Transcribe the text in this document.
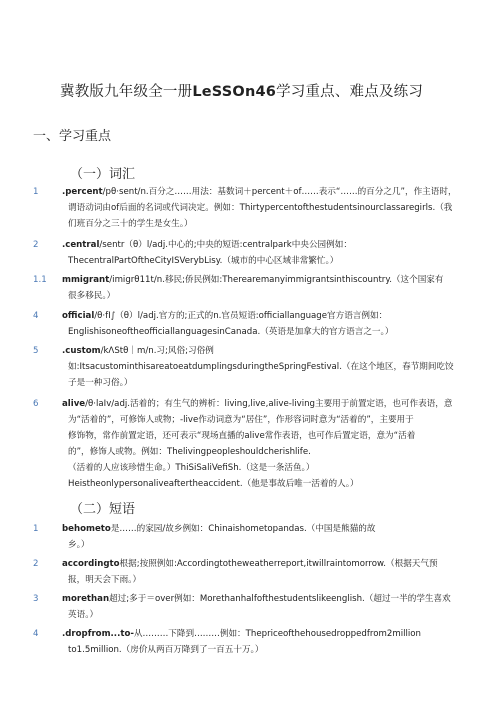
冀教版九年级全一册LeSSOn46学习重点、难点及练习
一、学习重点
（一）词汇
1	.percent/pθ·sent/n.百分之……用法：基数词＋percent＋of……表示“……的百分之几”，作主语时，
谓语动词由of后面的名词或代词决定。例如：Thirtypercentofthestudentsinourclassaregirls.（我
们班百分之三十的学生是女生。）
2	.central/sentr（θ）l/adj.中心的;中央的短语:centralpark中央公园例如：
ThecentralPartOftheCityISVerybLisy.（城市的中心区域非常繁忙。）
1.1	mmigrant/imigrθ11t/n.移民;侨民例如:Therearemanyimmigrantsinthiscountry.（这个国家有
很多移民。）
4	official/θ·fI∫（θ）l/adj.官方的;正式的n.官员短语:officiallanguage官方语言例如：
EnglishisoneoftheofficiallanguagesinCanada.（英语是加拿大的官方语言之一。）
5	.custom/kΛStθ｜m/n.习;风俗;习俗例
如:ItsacustominthisareatoeatdumplingsduringtheSpringFestival.（在这个地区，春节期间吃饺
子是一种习俗。）
6	alive/θ·laIv/adj.活着的；有生气的辨析：living,live,alive-living主要用于前置定语，也可作表语，意
为“活着的”，可修饰人或物；-live作动词意为“居住”，作形容词时意为“活着的”，主要用于
修饰物，常作前置定语，还可表示“现场直播的alive常作表语，也可作后置定语，意为“活着
的”，修饰人或物。例如：Thelivingpeopleshouldcherishlife.
（活着的人应该珍惜生命。）ThiSiSaliVefiSh.（这是一条活鱼。）
Heistheonlypersonaliveaftertheaccident.（他是事故后唯一活着的人。）
（二）短语
1	behometo是……的家园/故乡例如：Chinaishometopandas.（中国是熊猫的故
乡。）
2	accordingto根据;按照例如:Accordingtotheweatherreport,itwillraintomorrow.（根据天气预
报，明天会下雨。）
3	morethan超过;多于＝over例如：Morethanhalfofthestudentslikeenglish.（超过一半的学生喜欢
英语。）
4	.dropfrom...to-从………下降到………例如：Thepriceofthehousedroppedfrom2million
to1.5million.（房价从两百万降到了一百五十万。）
